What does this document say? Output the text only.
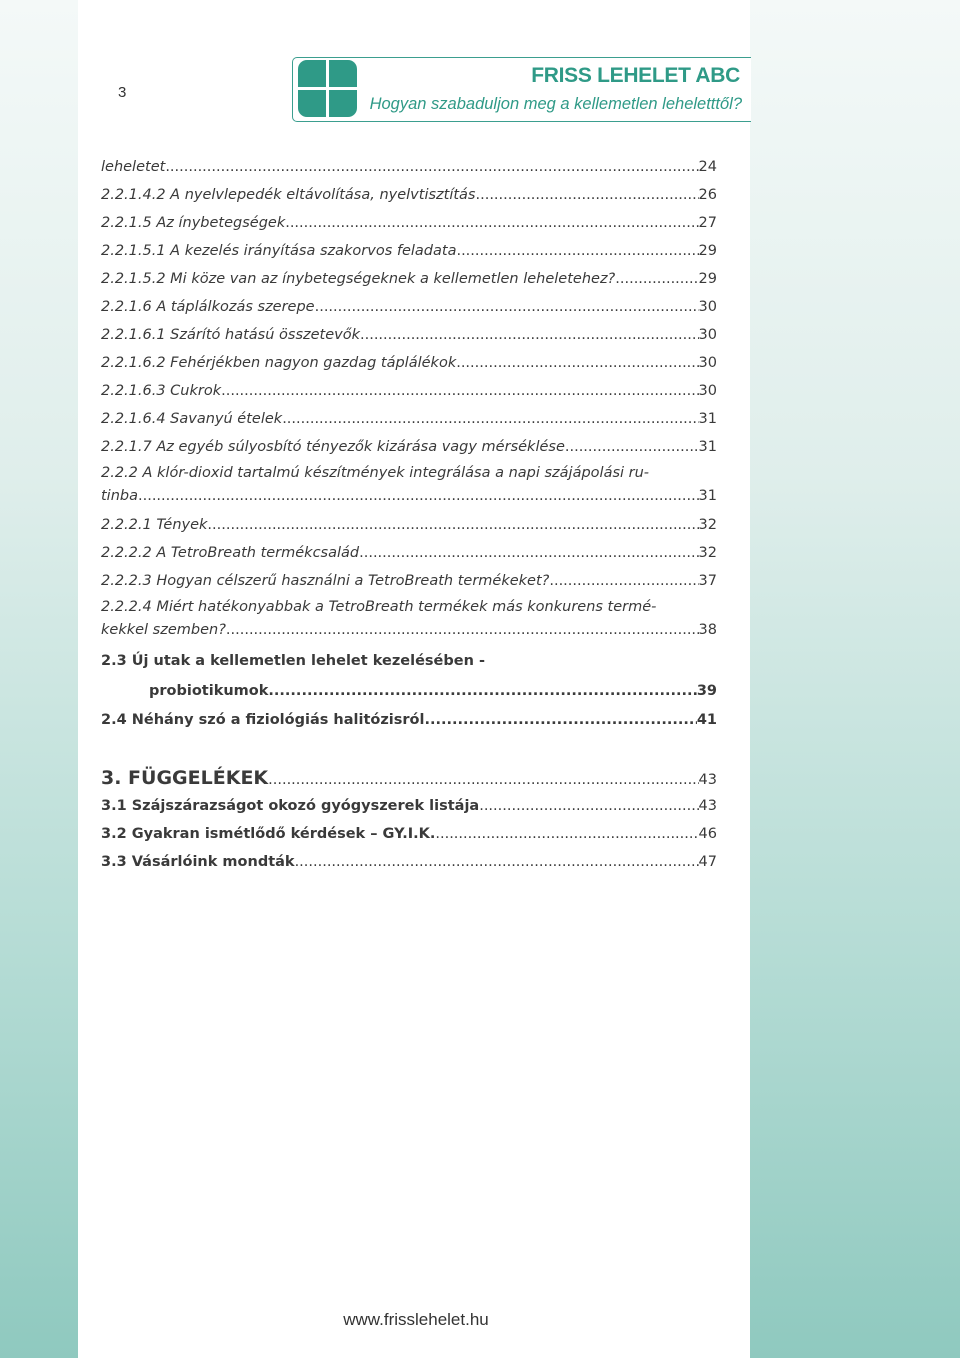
3
FRISS LEHELET ABC
Hogyan szabaduljon meg a kellemetlen leheletttől?
leheletet .....	24
2.2.1.4.2 A nyelvlepedék eltávolítása, nyelvtisztítás .....	26
2.2.1.5 Az ínybetegségek .....	27
2.2.1.5.1 A kezelés irányítása szakorvos feladata .....	29
2.2.1.5.2 Mi köze van az ínybetegségeknek a kellemetlen leheletehez? .....	29
2.2.1.6 A táplálkozás szerepe .....	30
2.2.1.6.1 Szárító hatású összetevők .....	30
2.2.1.6.2 Fehérjékben nagyon gazdag táplálékok .....	30
2.2.1.6.3 Cukrok .....	30
2.2.1.6.4 Savanyú ételek .....	31
2.2.1.7 Az egyéb súlyosbító tényezők kizárása vagy mérséklése .....	31
2.2.2 A klór-dioxid tartalmú készítmények integrálása a napi szájápolási ru-
tinba .....	31
2.2.2.1 Tények .....	32
2.2.2.2 A TetroBreath termékcsalád .....	32
2.2.2.3 Hogyan célszerű használni a TetroBreath termékeket? .....	37
2.2.2.4 Miért hatékonyabbak a TetroBreath termékek más konkurens termé-
kekkel szemben? .....	38
2.3 Új utak a kellemetlen lehelet kezelésében -
probiotikumok .....	39
2.4 Néhány szó a fiziológiás halitózisról .....	41
3. FÜGGELÉKEK .....	43
3.1 Szájszárazságot okozó gyógyszerek listája .....	43
3.2 Gyakran ismétlődő kérdések – GY.I.K. .....	46
3.3 Vásárlóink mondták .....	47
www.frisslehelet.hu
